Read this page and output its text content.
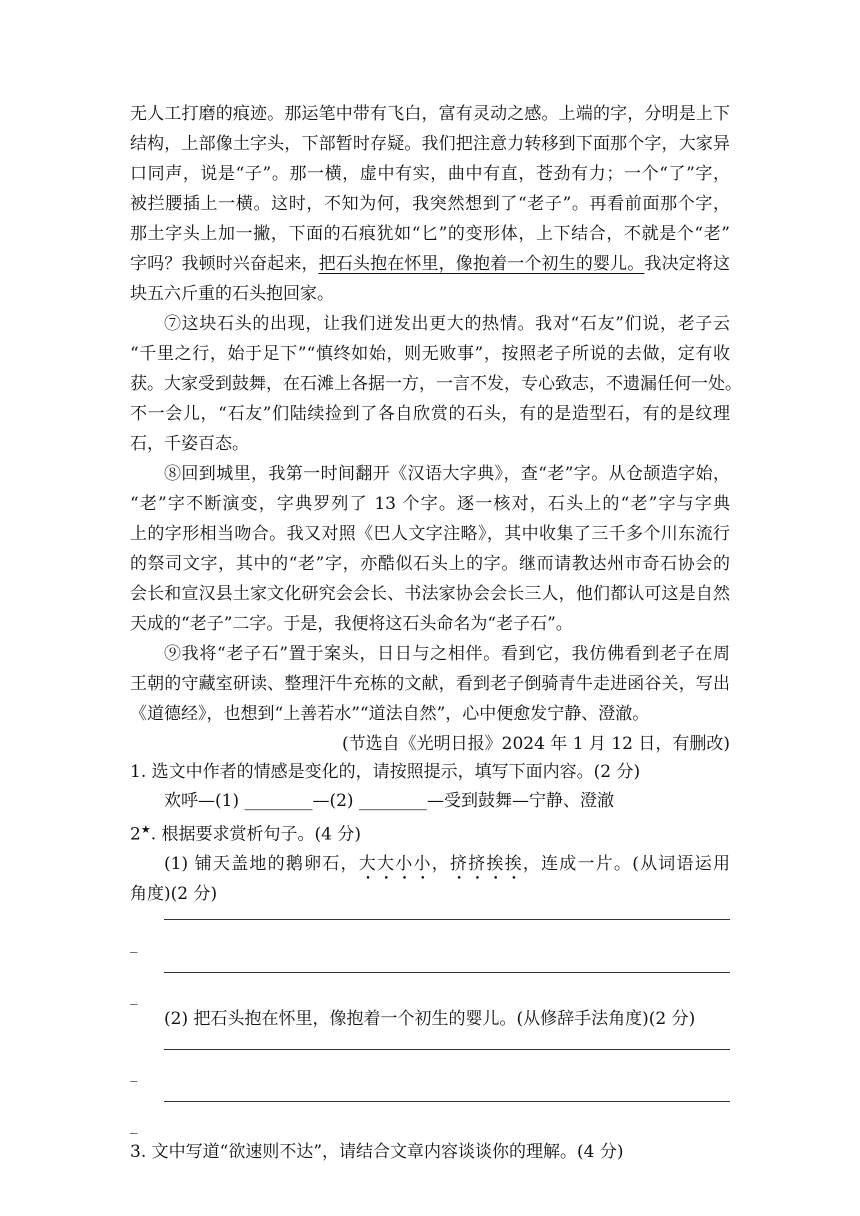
无人工打磨的痕迹。那运笔中带有飞白，富有灵动之感。上端的字，分明是上下
结构，上部像土字头，下部暂时存疑。我们把注意力转移到下面那个字，大家异
口同声，说是“子”。那一横，虚中有实，曲中有直，苍劲有力；一个“了”字，
被拦腰插上一横。这时，不知为何，我突然想到了“老子”。再看前面那个字，
那土字头上加一撇，下面的石痕犹如“匕”的变形体，上下结合，不就是个“老”
字吗？我顿时兴奋起来，把石头抱在怀里，像抱着一个初生的婴儿。我决定将这
块五六斤重的石头抱回家。
⑦这块石头的出现，让我们迸发出更大的热情。我对“石友”们说，老子云
“千里之行，始于足下”“慎终如始，则无败事”，按照老子所说的去做，定有收
获。大家受到鼓舞，在石滩上各据一方，一言不发，专心致志，不遗漏任何一处。
不一会儿，“石友”们陆续捡到了各自欣赏的石头，有的是造型石，有的是纹理
石，千姿百态。
⑧回到城里，我第一时间翻开《汉语大字典》，查“老”字。从仓颉造字始，
“老”字不断演变，字典罗列了 13 个字。逐一核对，石头上的“老”字与字典
上的字形相当吻合。我又对照《巴人文字注略》，其中收集了三千多个川东流行
的祭司文字，其中的“老”字，亦酷似石头上的字。继而请教达州市奇石协会的
会长和宣汉县土家文化研究会会长、书法家协会会长三人，他们都认可这是自然
天成的“老子”二字。于是，我便将这石头命名为“老子石”。
⑨我将“老子石”置于案头，日日与之相伴。看到它，我仿佛看到老子在周
王朝的守藏室研读、整理汗牛充栋的文献，看到老子倒骑青牛走进函谷关，写出
《道德经》，也想到“上善若水”“道法自然”，心中便愈发宁静、澄澈。
(节选自《光明日报》2024 年 1 月 12 日，有删改)
1. 选文中作者的情感是变化的，请按照提示，填写下面内容。(2 分)
欢呼—(1) ________—(2) ________—受到鼓舞—宁静、澄澈
2★. 根据要求赏析句子。(4 分)
(1) 铺天盖地的鹅卵石，大大小小，挤挤挨挨，连成一片。(从词语运用
角度)(2 分)
_
_
(2) 把石头抱在怀里，像抱着一个初生的婴儿。(从修辞手法角度)(2 分)
_
_
3. 文中写道“欲速则不达”，请结合文章内容谈谈你的理解。(4 分)
